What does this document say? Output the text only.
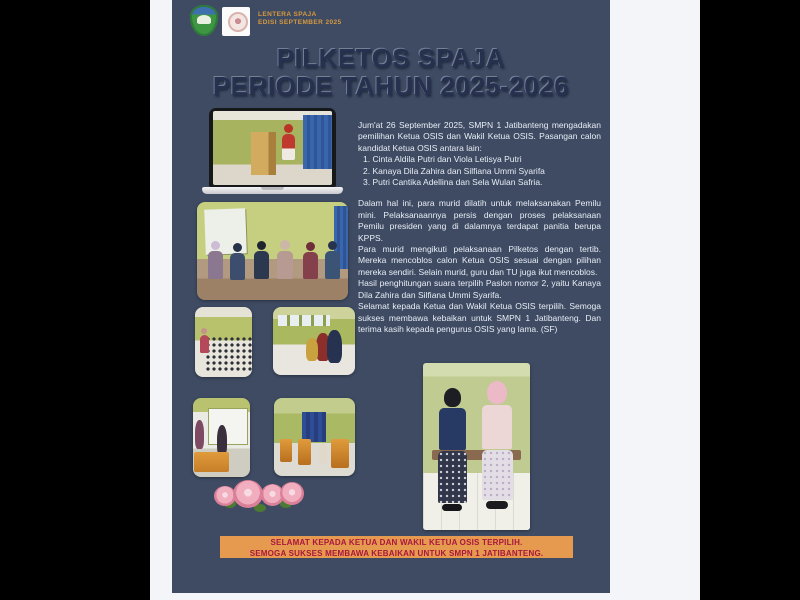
LENTERA SPAJA
EDISI SEPTEMBER 2025
PILKETOS SPAJA
PERIODE TAHUN 2025-2026

Jum'at 26 September 2025, SMPN 1 Jatibanteng mengadakan pemilihan Ketua OSIS dan Wakil Ketua OSIS. Pasangan calon kandidat Ketua OSIS antara lain:

1. Cinta Aldila Putri dan Viola Letisya Putri
2. Kanaya Dila Zahira dan Silfiana Ummi Syarifa
3. Putri Cantika Adellina dan Sela Wulan Safria.

Dalam hal ini, para murid dilatih untuk melaksanakan Pemilu mini. Pelaksanaannya persis dengan proses pelaksanaan Pemilu presiden yang di dalamnya terdapat panitia berupa KPPS.

Para murid mengikuti pelaksanaan Pilketos dengan tertib. Mereka mencoblos calon Ketua OSIS sesuai dengan pilihan mereka sendiri. Selain murid, guru dan TU juga ikut mencoblos.

Hasil penghitungan suara terpilih Paslon nomor 2, yaitu Kanaya Dila Zahira dan Silfiana Ummi Syarifa.

Selamat kepada Ketua dan Wakil Ketua OSIS terpilih. Semoga sukses membawa kebaikan untuk SMPN 1 Jatibanteng. Dan terima kasih kepada pengurus OSIS yang lama. (SF)

SELAMAT KEPADA KETUA DAN WAKIL KETUA OSIS TERPILIH.
SEMOGA SUKSES MEMBAWA KEBAIKAN UNTUK SMPN 1 JATIBANTENG.
